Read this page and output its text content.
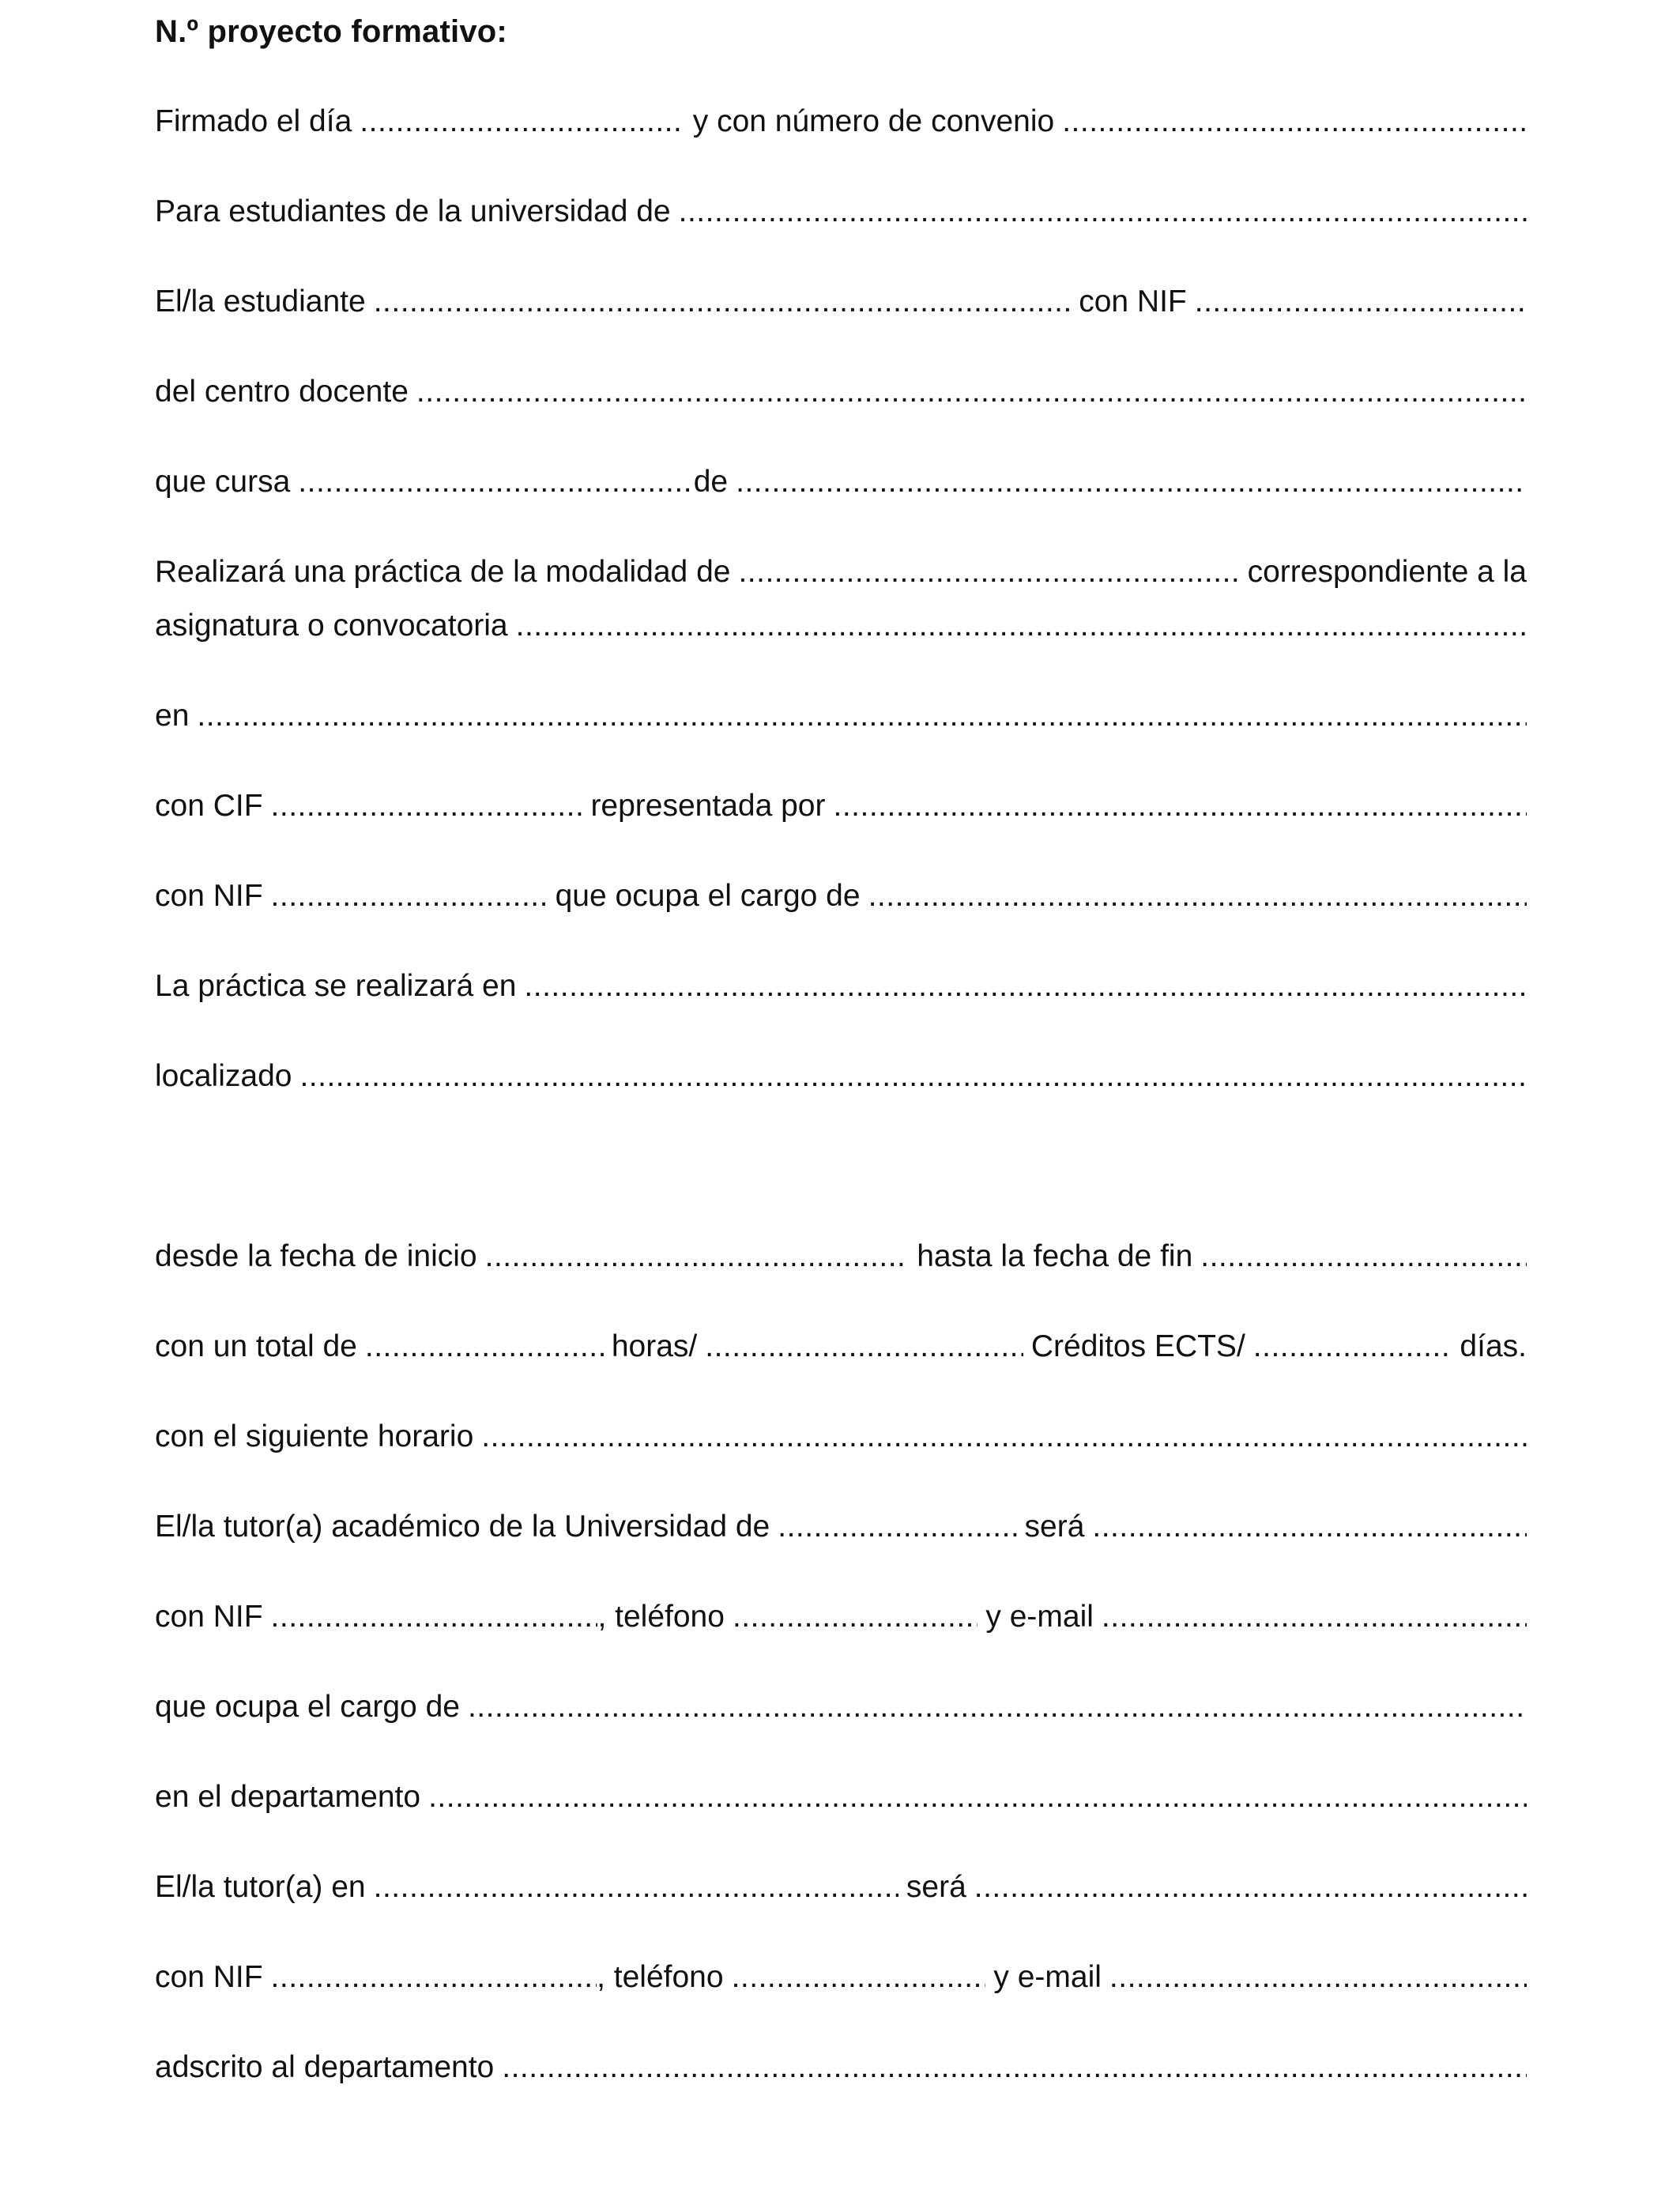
N.º proyecto formativo:
Firmado el día .....	y con número de convenio
.....
Para estudiantes de la universidad de
.....
El/la estudiante .....	con NIF
.....
del centro docente
.....
que cursa .....	de
.....
Realizará una práctica de la modalidad de .....	correspondiente a la
asignatura o convocatoria
.....
en
.....
con CIF .....	representada por
.....
con NIF .....	que ocupa el cargo de
.....
La práctica se realizará en
.....
localizado
.....
desde la fecha de inicio .....	hasta la fecha de fin
.....
con un total de .....	horas/ .....	Créditos ECTS/ .....	días.
con el siguiente horario
.....
El/la tutor(a) académico de la Universidad de .....	será
.....
con NIF .....	, teléfono .....	y e-mail
.....
que ocupa el cargo de
.....
en el departamento
.....
El/la tutor(a) en .....	será
.....
con NIF .....	, teléfono .....	y e-mail
.....
adscrito al departamento
.....
